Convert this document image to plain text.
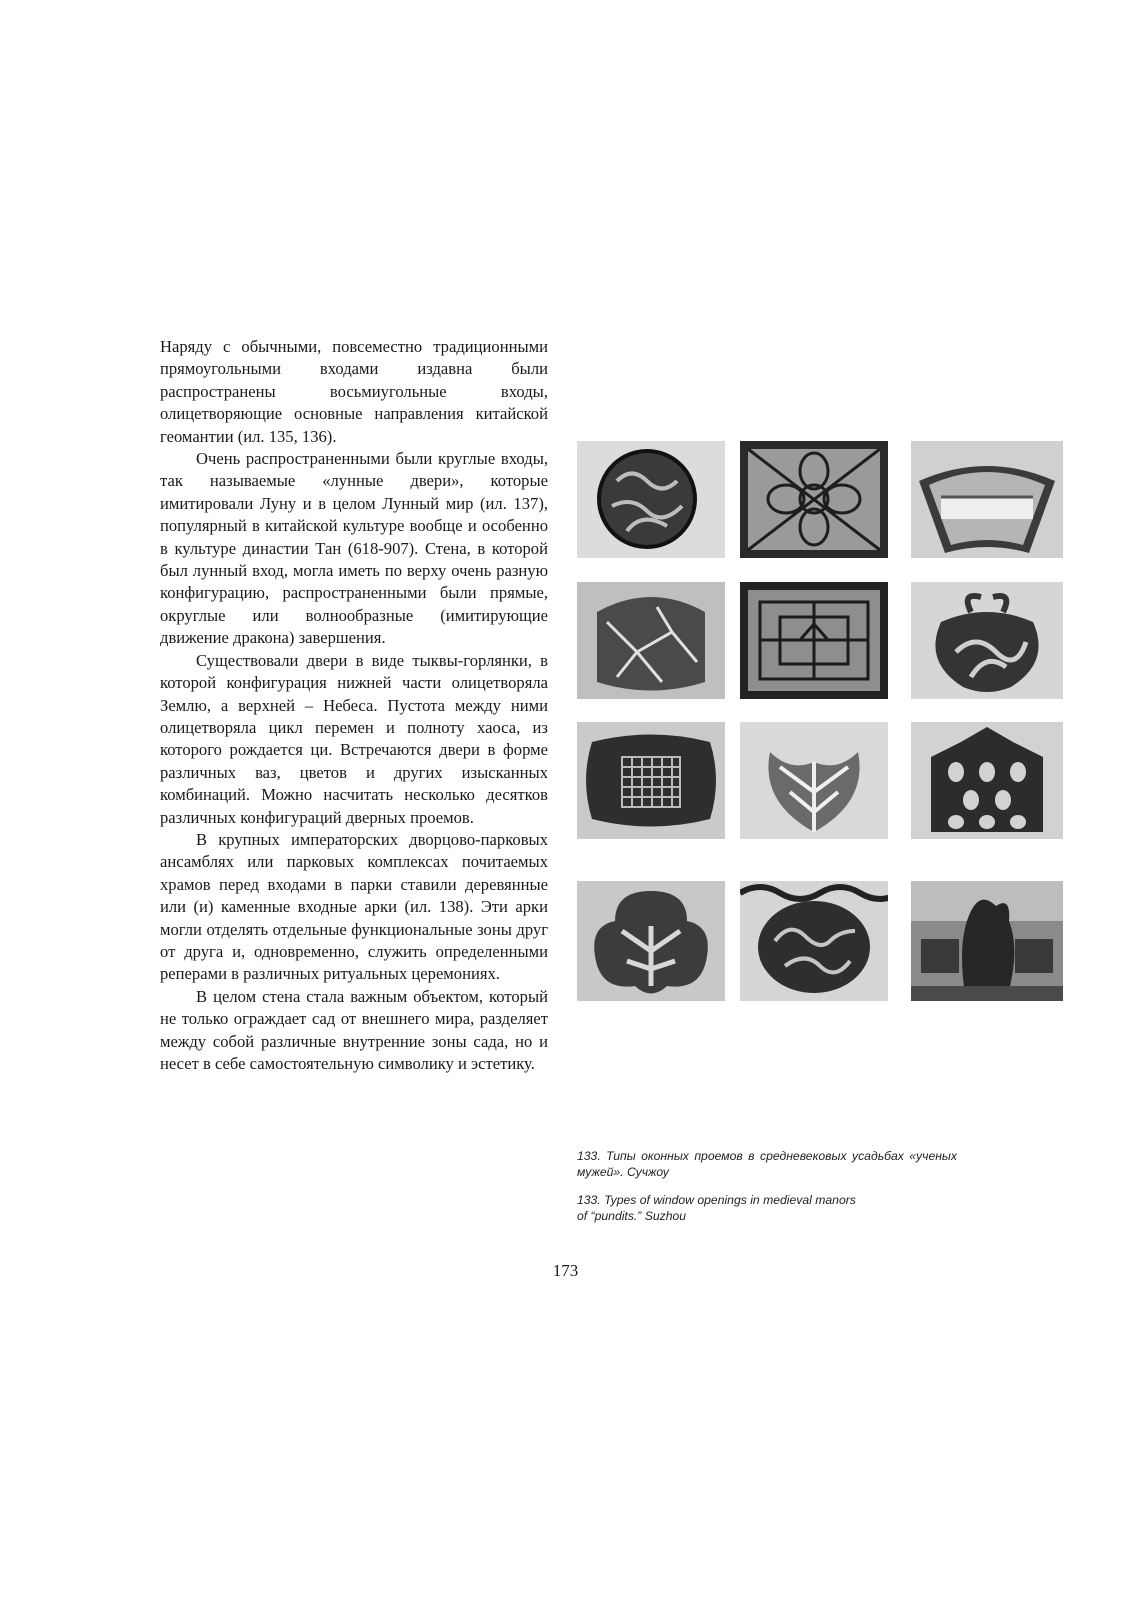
Наряду с обычными, повсеместно традиционными прямоугольными входами издавна были распространены восьмиугольные входы, олицетворяющие основные направления китайской геомантии (ил. 135, 136).

Очень распространенными были круглые входы, так называемые «лунные двери», которые имитировали Луну и в целом Лунный мир (ил. 137), популярный в китайской культуре вообще и особенно в культуре династии Тан (618-907). Стена, в которой был лунный вход, могла иметь по верху очень разную конфигурацию, распространенными были прямые, округлые или волнообразные (имитирующие движение дракона) завершения.

Существовали двери в виде тыквы-горлянки, в которой конфигурация нижней части олицетворяла Землю, а верхней – Небеса. Пустота между ними олицетворяла цикл перемен и полноту хаоса, из которого рождается ци. Встречаются двери в форме различных ваз, цветов и других изысканных комбинаций. Можно насчитать несколько десятков различных конфигураций дверных проемов.

В крупных императорских дворцово-парковых ансамблях или парковых комплексах почитаемых храмов перед входами в парки ставили деревянные или (и) каменные входные арки (ил. 138). Эти арки могли отделять отдельные функциональные зоны друг от друга и, одновременно, служить определенными реперами в различных ритуальных церемониях.

В целом стена стала важным объектом, который не только ограждает сад от внешнего мира, разделяет между собой различные внутренние зоны сада, но и несет в себе самостоятельную символику и эстетику.

133. Типы оконных проемов в средневековых усадьбах «ученых мужей». Сучжоу

133. Types of window openings in medieval manors
of “pundits.” Suzhou

173
